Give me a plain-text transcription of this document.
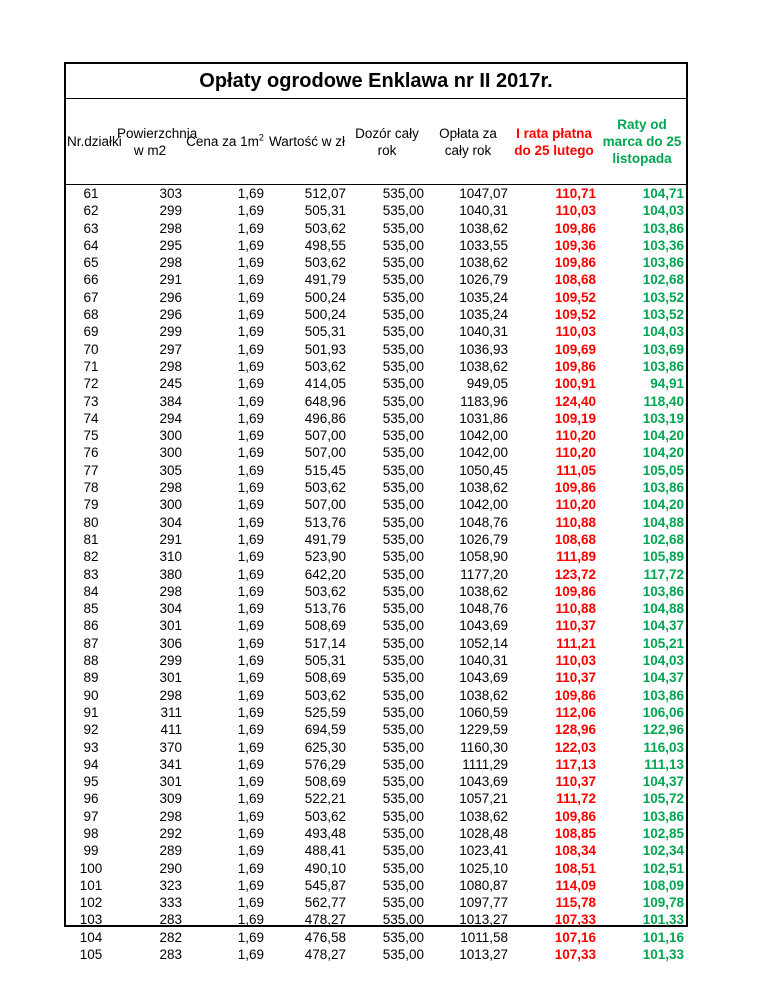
Opłaty ogrodowe Enklawa nr II 2017r.
Nr.działki	Powierzchnia w m2	Cena za $1m^2$	Wartość w zł	Dozór cały rok	Opłata za cały rok	I rata płatna do 25 lutego	Raty od marca do 25 listopada
61	303	1,69	512,07	535,00	1047,07	110,71	104,71
62	299	1,69	505,31	535,00	1040,31	110,03	104,03
63	298	1,69	503,62	535,00	1038,62	109,86	103,86
64	295	1,69	498,55	535,00	1033,55	109,36	103,36
65	298	1,69	503,62	535,00	1038,62	109,86	103,86
66	291	1,69	491,79	535,00	1026,79	108,68	102,68
67	296	1,69	500,24	535,00	1035,24	109,52	103,52
68	296	1,69	500,24	535,00	1035,24	109,52	103,52
69	299	1,69	505,31	535,00	1040,31	110,03	104,03
70	297	1,69	501,93	535,00	1036,93	109,69	103,69
71	298	1,69	503,62	535,00	1038,62	109,86	103,86
72	245	1,69	414,05	535,00	949,05	100,91	94,91
73	384	1,69	648,96	535,00	1183,96	124,40	118,40
74	294	1,69	496,86	535,00	1031,86	109,19	103,19
75	300	1,69	507,00	535,00	1042,00	110,20	104,20
76	300	1,69	507,00	535,00	1042,00	110,20	104,20
77	305	1,69	515,45	535,00	1050,45	111,05	105,05
78	298	1,69	503,62	535,00	1038,62	109,86	103,86
79	300	1,69	507,00	535,00	1042,00	110,20	104,20
80	304	1,69	513,76	535,00	1048,76	110,88	104,88
81	291	1,69	491,79	535,00	1026,79	108,68	102,68
82	310	1,69	523,90	535,00	1058,90	111,89	105,89
83	380	1,69	642,20	535,00	1177,20	123,72	117,72
84	298	1,69	503,62	535,00	1038,62	109,86	103,86
85	304	1,69	513,76	535,00	1048,76	110,88	104,88
86	301	1,69	508,69	535,00	1043,69	110,37	104,37
87	306	1,69	517,14	535,00	1052,14	111,21	105,21
88	299	1,69	505,31	535,00	1040,31	110,03	104,03
89	301	1,69	508,69	535,00	1043,69	110,37	104,37
90	298	1,69	503,62	535,00	1038,62	109,86	103,86
91	311	1,69	525,59	535,00	1060,59	112,06	106,06
92	411	1,69	694,59	535,00	1229,59	128,96	122,96
93	370	1,69	625,30	535,00	1160,30	122,03	116,03
94	341	1,69	576,29	535,00	1111,29	117,13	111,13
95	301	1,69	508,69	535,00	1043,69	110,37	104,37
96	309	1,69	522,21	535,00	1057,21	111,72	105,72
97	298	1,69	503,62	535,00	1038,62	109,86	103,86
98	292	1,69	493,48	535,00	1028,48	108,85	102,85
99	289	1,69	488,41	535,00	1023,41	108,34	102,34
100	290	1,69	490,10	535,00	1025,10	108,51	102,51
101	323	1,69	545,87	535,00	1080,87	114,09	108,09
102	333	1,69	562,77	535,00	1097,77	115,78	109,78
103	283	1,69	478,27	535,00	1013,27	107,33	101,33
104	282	1,69	476,58	535,00	1011,58	107,16	101,16
105	283	1,69	478,27	535,00	1013,27	107,33	101,33
